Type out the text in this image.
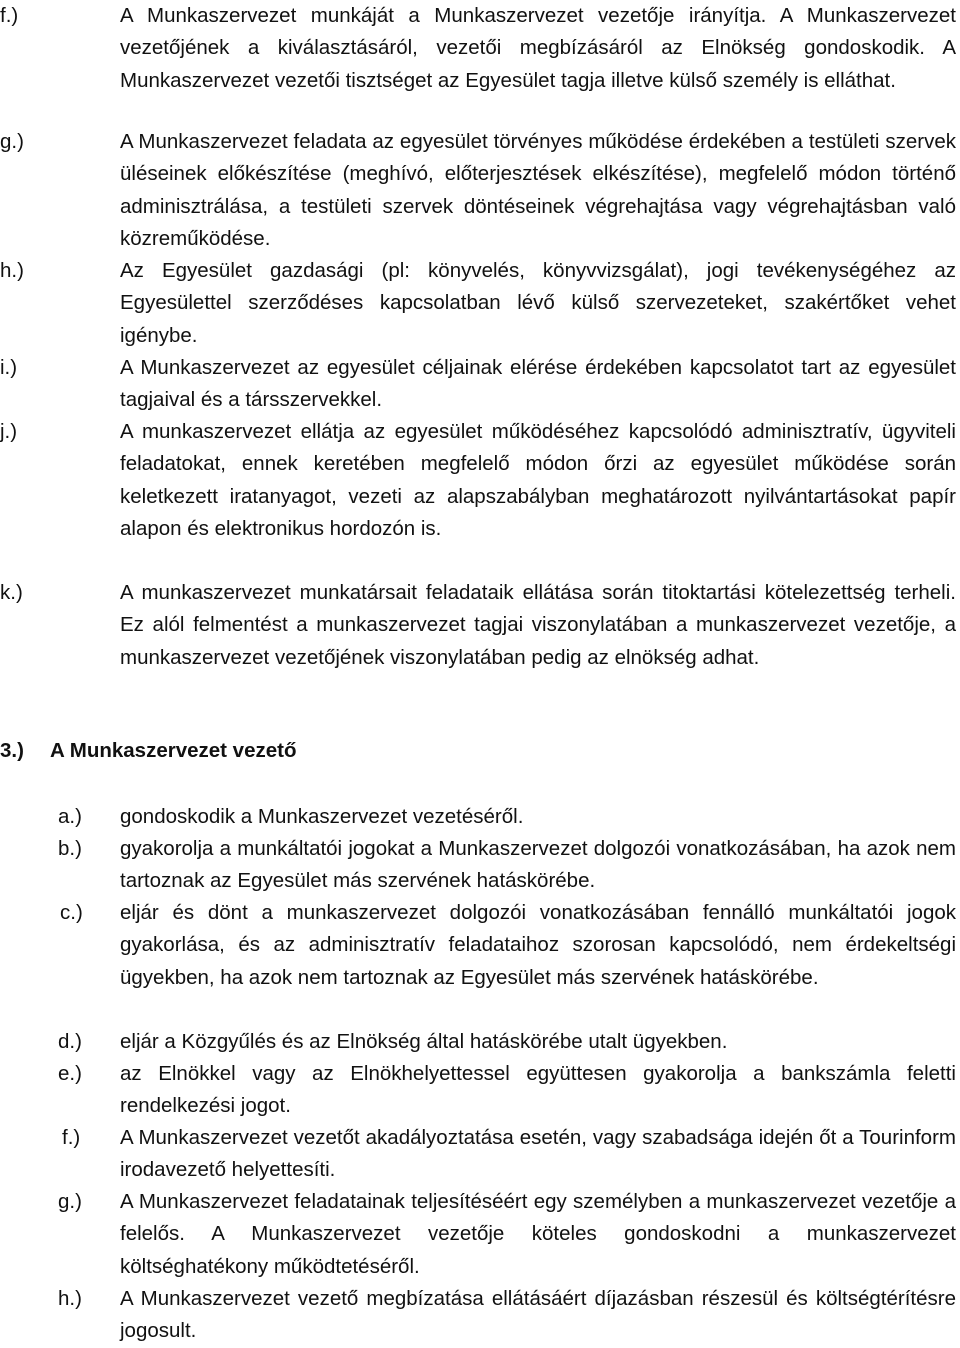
f.)	A Munkaszervezet munkáját a Munkaszervezet vezetője irányítja. A Munkaszervezet vezetőjének a kiválasztásáról, vezetői megbízásáról az Elnökség gondoskodik. A Munkaszervezet vezetői tisztséget az Egyesület tagja illetve külső személy is elláthat.
g.)	A Munkaszervezet feladata az egyesület törvényes működése érdekében a testületi szervek üléseinek előkészítése (meghívó, előterjesztések elkészítése), megfelelő módon történő adminisztrálása, a testületi szervek döntéseinek végrehajtása vagy végrehajtásban való közreműködése.
h.)	Az Egyesület gazdasági (pl: könyvelés, könyvvizsgálat), jogi tevékenységéhez az Egyesülettel szerződéses kapcsolatban lévő külső szervezeteket, szakértőket vehet igénybe.
i.)	A Munkaszervezet az egyesület céljainak elérése érdekében kapcsolatot tart az egyesület tagjaival és a társszervekkel.
j.)	A munkaszervezet ellátja az egyesület működéséhez kapcsolódó adminisztratív, ügyviteli feladatokat, ennek keretében megfelelő módon őrzi az egyesület működése során keletkezett iratanyagot, vezeti az alapszabályban meghatározott nyilvántartásokat papír alapon és elektronikus hordozón is.
k.)	A munkaszervezet munkatársait feladataik ellátása során titoktartási kötelezettség terheli. Ez alól felmentést a munkaszervezet tagjai viszonylatában a munkaszervezet vezetője, a munkaszervezet vezetőjének viszonylatában pedig az elnökség adhat.
3.) A Munkaszervezet vezető
a.) gondoskodik a Munkaszervezet vezetéséről.
b.) gyakorolja a munkáltatói jogokat a Munkaszervezet dolgozói vonatkozásában, ha azok nem tartoznak az Egyesület más szervének hatáskörébe.
c.) eljár és dönt a munkaszervezet dolgozói vonatkozásában fennálló munkáltatói jogok gyakorlása, és az adminisztratív feladataihoz szorosan kapcsolódó, nem érdekeltségi ügyekben, ha azok nem tartoznak az Egyesület más szervének hatáskörébe.
d.) eljár a Közgyűlés és az Elnökség által hatáskörébe utalt ügyekben.
e.) az Elnökkel vagy az Elnökhelyettessel együttesen gyakorolja a bankszámla feletti rendelkezési jogot.
f.) A Munkaszervezet vezetőt akadályoztatása esetén, vagy szabadsága idején őt a Tourinform irodavezető helyettesíti.
g.) A Munkaszervezet feladatainak teljesítéséért egy személyben a munkaszervezet vezetője a felelős. A Munkaszervezet vezetője köteles gondoskodni a munkaszervezet költséghatékony működtetéséről.
h.) A Munkaszervezet vezető megbízatása ellátásáért díjazásban részesül és költségtérítésre jogosult.
